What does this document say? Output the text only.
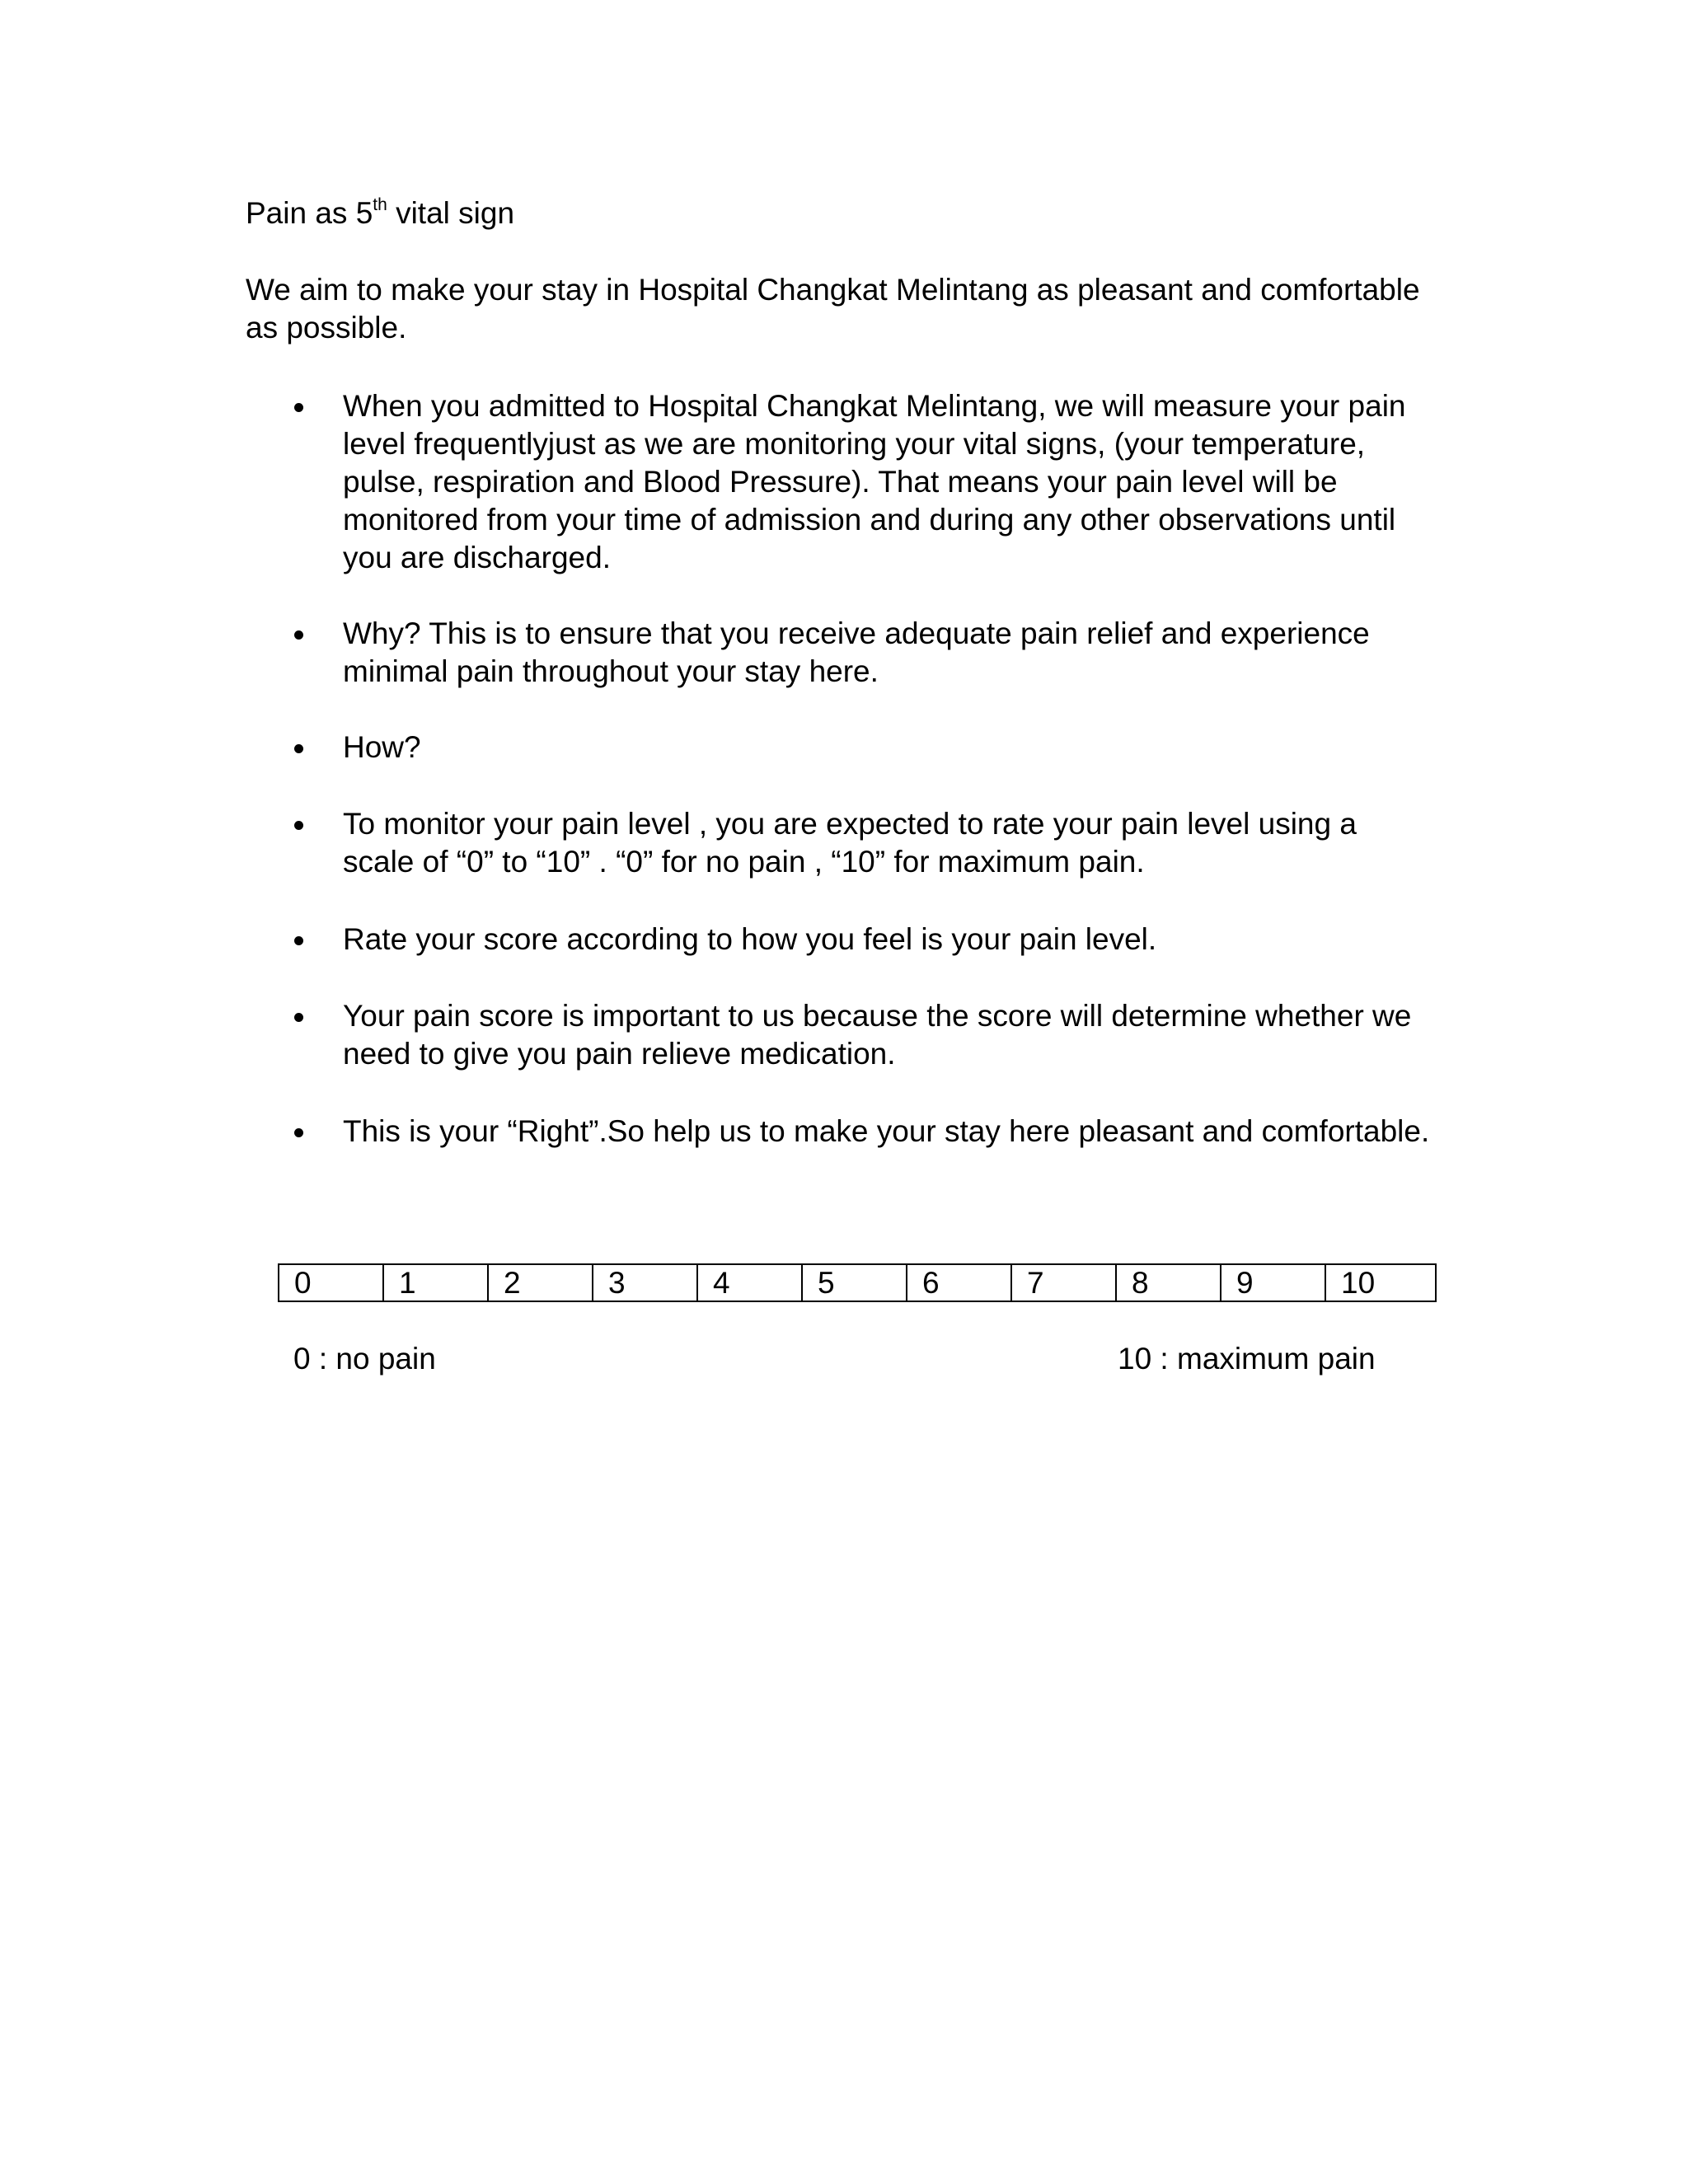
Pain as 5th vital sign
We aim to make your stay in Hospital Changkat Melintang as pleasant and comfortable as possible.
When you admitted to Hospital Changkat Melintang, we will measure your pain level frequentlyjust as we are monitoring your vital signs, (your temperature, pulse, respiration and Blood Pressure). That means your pain level will be monitored from your time of admission and during any other observations until you are discharged.
Why? This is to ensure that you receive adequate pain relief and experience minimal pain throughout your stay here.
How?
To monitor your pain level , you are expected to rate your pain level using a scale of “0” to “10” . “0” for no pain , “10” for maximum pain.
Rate your score according to how you feel is your pain level.
Your pain score is important to us because the score will determine whether we need to give you pain relieve medication.
This is your “Right”.So help us to make your stay here pleasant and comfortable.
0	1	2	3	4	5	6	7	8	9	10
0 : no pain	10 : maximum pain
